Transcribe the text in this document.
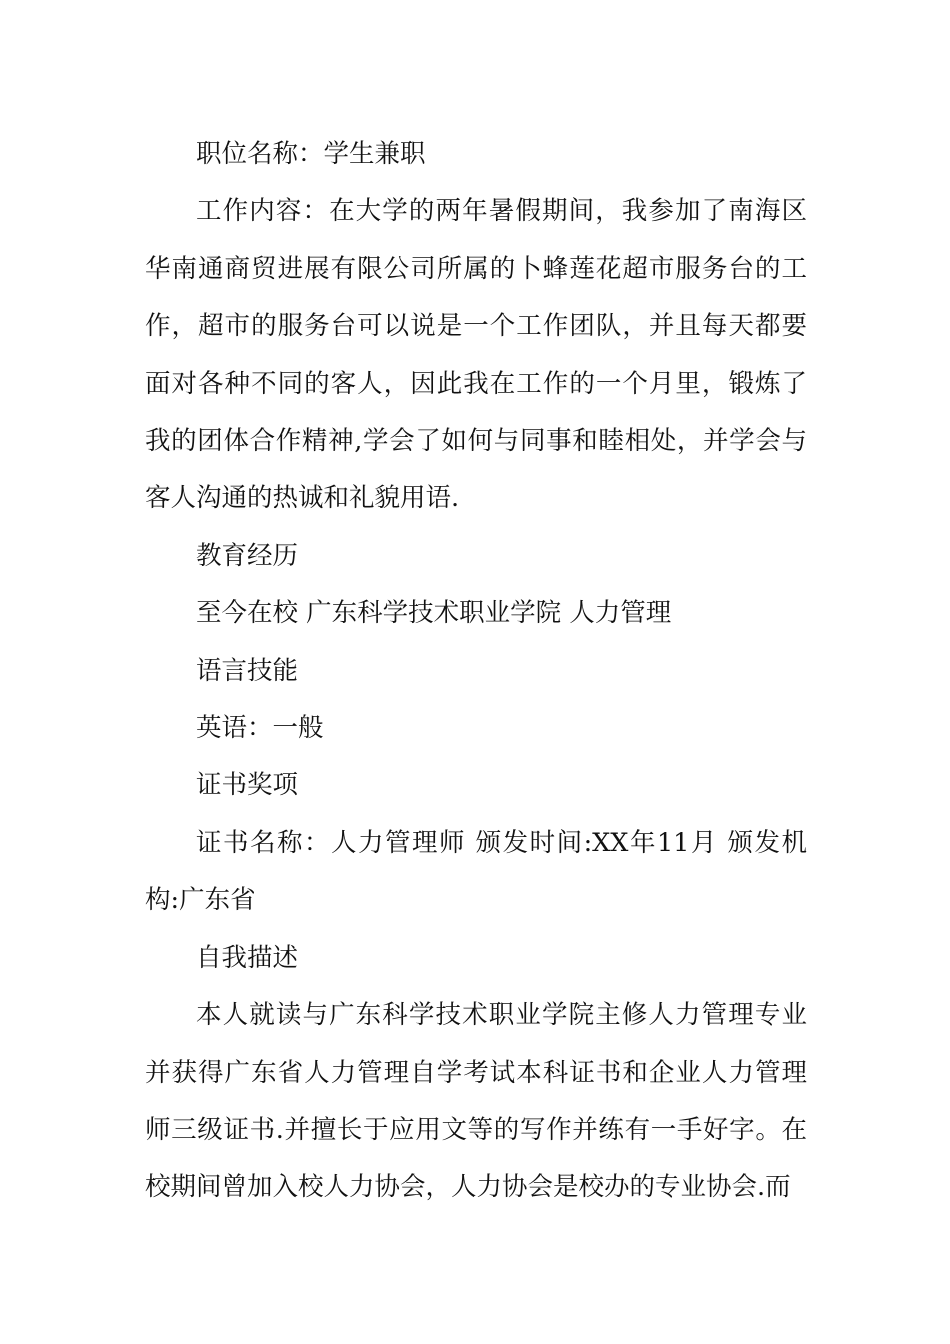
职位名称：学生兼职

工作内容：在大学的两年暑假期间，我参加了南海区华南通商贸进展有限公司所属的卜蜂莲花超市服务台的工作，超市的服务台可以说是一个工作团队，并且每天都要面对各种不同的客人，因此我在工作的一个月里，锻炼了我的团体合作精神,学会了如何与同事和睦相处，并学会与客人沟通的热诚和礼貌用语.

教育经历

至今在校 广东科学技术职业学院 人力管理

语言技能

英语：一般

证书奖项

证书名称：人力管理师 颁发时间:XX年11月 颁发机构:广东省

自我描述

本人就读与广东科学技术职业学院主修人力管理专业并获得广东省人力管理自学考试本科证书和企业人力管理师三级证书.并擅长于应用文等的写作并练有一手好字。在校期间曾加入校人力协会，人力协会是校办的专业协会.而
